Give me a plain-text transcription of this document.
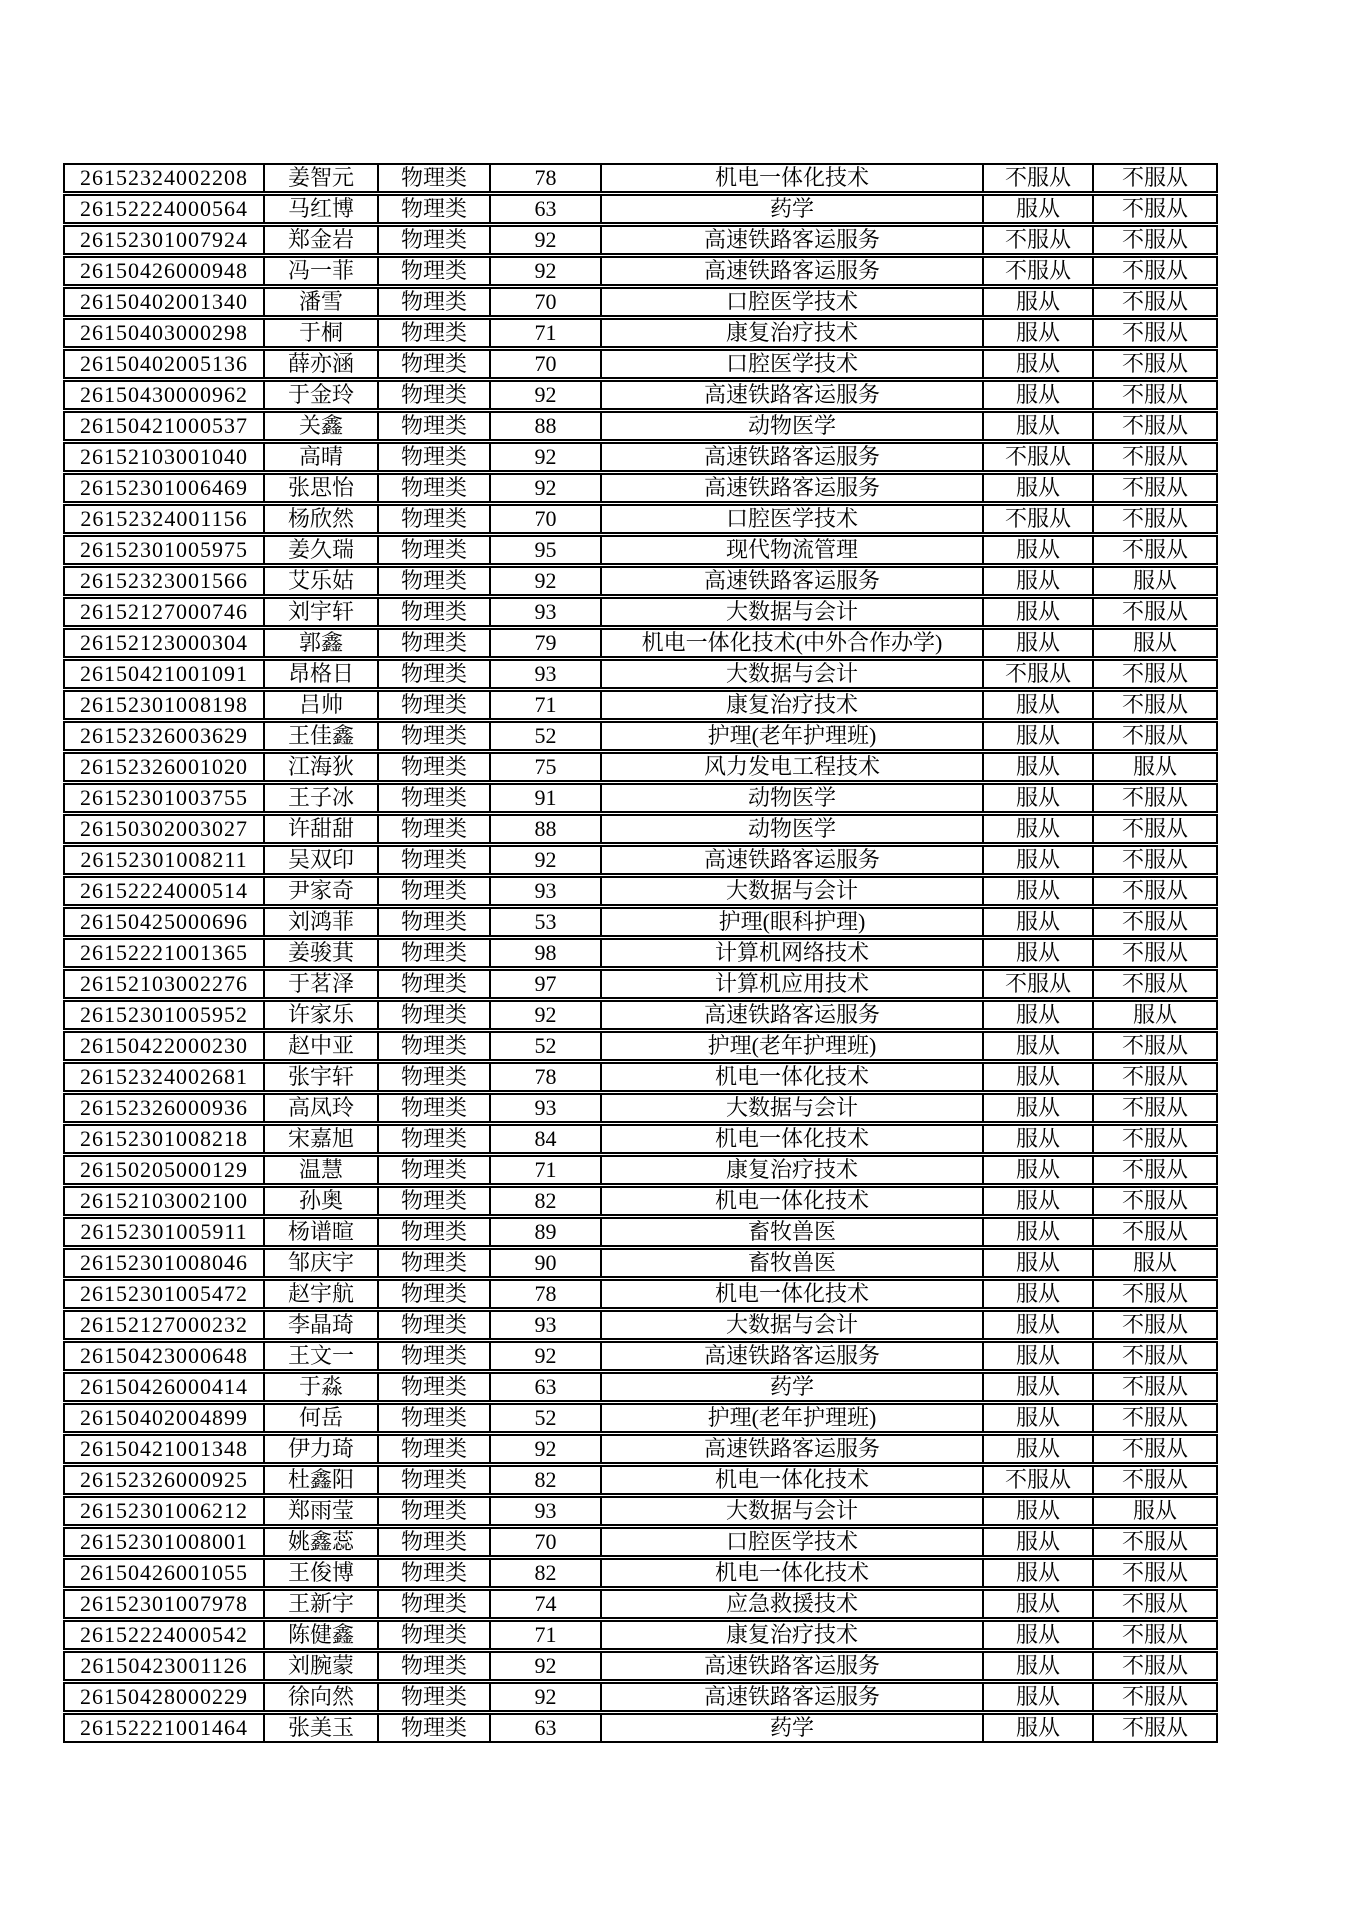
26152324002208	姜智元	物理类	78	机电一体化技术	不服从	不服从
26152224000564	马红博	物理类	63	药学	服从	不服从
26152301007924	郑金岩	物理类	92	高速铁路客运服务	不服从	不服从
26150426000948	冯一菲	物理类	92	高速铁路客运服务	不服从	不服从
26150402001340	潘雪	物理类	70	口腔医学技术	服从	不服从
26150403000298	于桐	物理类	71	康复治疗技术	服从	不服从
26150402005136	薛亦涵	物理类	70	口腔医学技术	服从	不服从
26150430000962	于金玲	物理类	92	高速铁路客运服务	服从	不服从
26150421000537	关鑫	物理类	88	动物医学	服从	不服从
26152103001040	高晴	物理类	92	高速铁路客运服务	不服从	不服从
26152301006469	张思怡	物理类	92	高速铁路客运服务	服从	不服从
26152324001156	杨欣然	物理类	70	口腔医学技术	不服从	不服从
26152301005975	姜久瑞	物理类	95	现代物流管理	服从	不服从
26152323001566	艾乐姑	物理类	92	高速铁路客运服务	服从	服从
26152127000746	刘宇轩	物理类	93	大数据与会计	服从	不服从
26152123000304	郭鑫	物理类	79	机电一体化技术(中外合作办学)	服从	服从
26150421001091	昂格日	物理类	93	大数据与会计	不服从	不服从
26152301008198	吕帅	物理类	71	康复治疗技术	服从	不服从
26152326003629	王佳鑫	物理类	52	护理(老年护理班)	服从	不服从
26152326001020	江海狄	物理类	75	风力发电工程技术	服从	服从
26152301003755	王子冰	物理类	91	动物医学	服从	不服从
26150302003027	许甜甜	物理类	88	动物医学	服从	不服从
26152301008211	吴双印	物理类	92	高速铁路客运服务	服从	不服从
26152224000514	尹家奇	物理类	93	大数据与会计	服从	不服从
26150425000696	刘鸿菲	物理类	53	护理(眼科护理)	服从	不服从
26152221001365	姜骏萁	物理类	98	计算机网络技术	服从	不服从
26152103002276	于茗泽	物理类	97	计算机应用技术	不服从	不服从
26152301005952	许家乐	物理类	92	高速铁路客运服务	服从	服从
26150422000230	赵中亚	物理类	52	护理(老年护理班)	服从	不服从
26152324002681	张宇轩	物理类	78	机电一体化技术	服从	不服从
26152326000936	高凤玲	物理类	93	大数据与会计	服从	不服从
26152301008218	宋嘉旭	物理类	84	机电一体化技术	服从	不服从
26150205000129	温慧	物理类	71	康复治疗技术	服从	不服从
26152103002100	孙奥	物理类	82	机电一体化技术	服从	不服从
26152301005911	杨谱暄	物理类	89	畜牧兽医	服从	不服从
26152301008046	邹庆宇	物理类	90	畜牧兽医	服从	服从
26152301005472	赵宇航	物理类	78	机电一体化技术	服从	不服从
26152127000232	李晶琦	物理类	93	大数据与会计	服从	不服从
26150423000648	王文一	物理类	92	高速铁路客运服务	服从	不服从
26150426000414	于淼	物理类	63	药学	服从	不服从
26150402004899	何岳	物理类	52	护理(老年护理班)	服从	不服从
26150421001348	伊力琦	物理类	92	高速铁路客运服务	服从	不服从
26152326000925	杜鑫阳	物理类	82	机电一体化技术	不服从	不服从
26152301006212	郑雨莹	物理类	93	大数据与会计	服从	服从
26152301008001	姚鑫蕊	物理类	70	口腔医学技术	服从	不服从
26150426001055	王俊博	物理类	82	机电一体化技术	服从	不服从
26152301007978	王新宇	物理类	74	应急救援技术	服从	不服从
26152224000542	陈健鑫	物理类	71	康复治疗技术	服从	不服从
26150423001126	刘腕蒙	物理类	92	高速铁路客运服务	服从	不服从
26150428000229	徐向然	物理类	92	高速铁路客运服务	服从	不服从
26152221001464	张美玉	物理类	63	药学	服从	不服从
